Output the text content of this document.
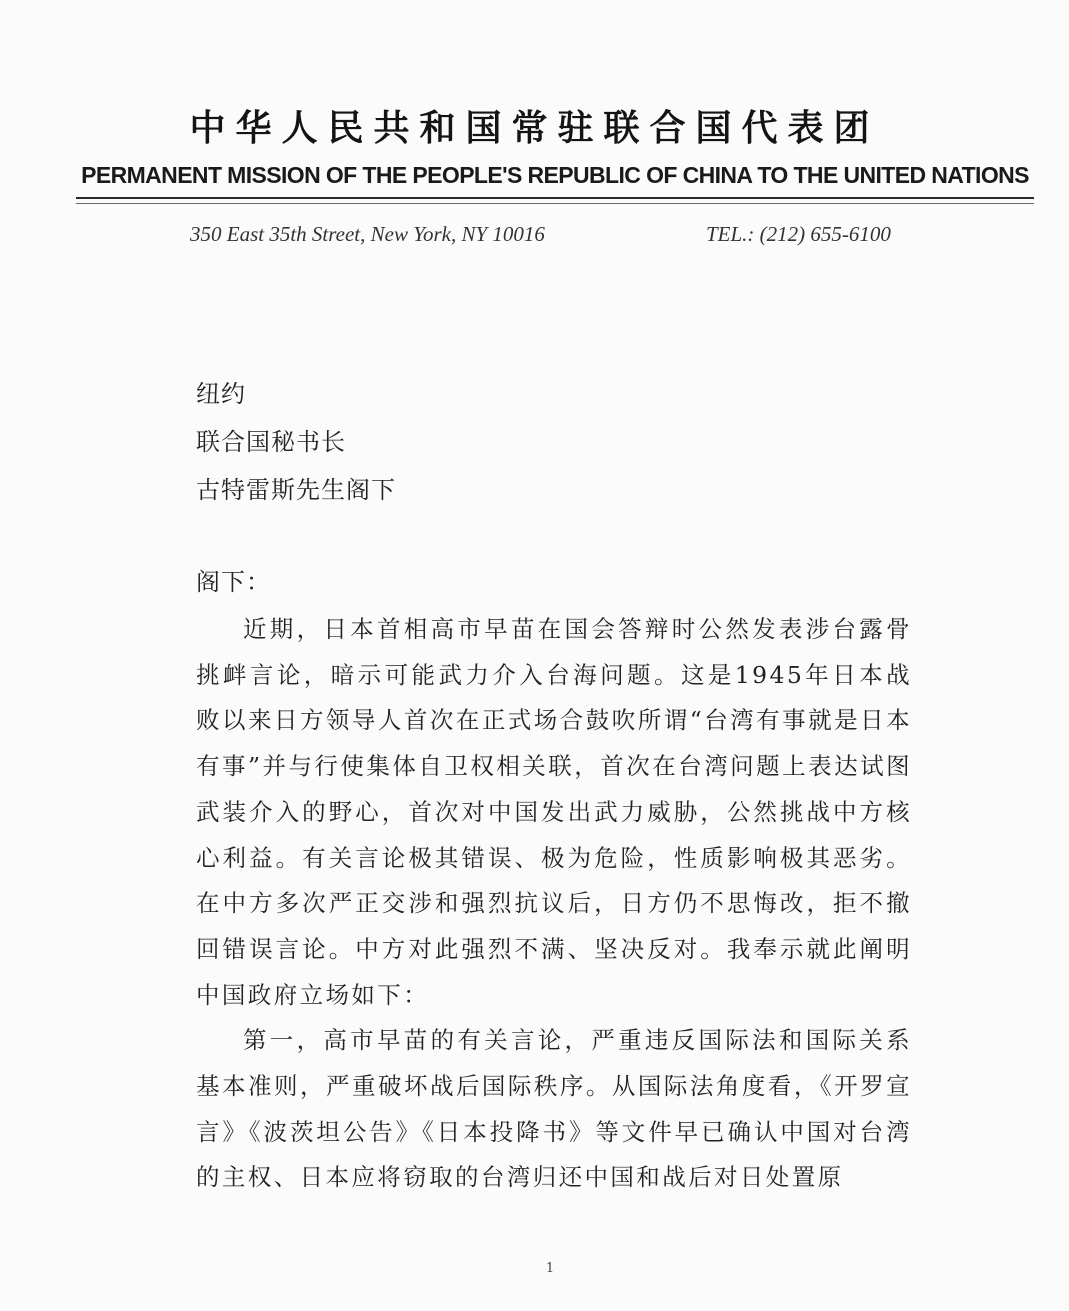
中华人民共和国常驻联合国代表团
PERMANENT MISSION OF THE PEOPLE'S REPUBLIC OF CHINA TO THE UNITED NATIONS
350 East 35th Street, New York, NY 10016	TEL.: (212) 655-6100
纽约
联合国秘书长
古特雷斯先生阁下
阁下：

近期，日本首相高市早苗在国会答辩时公然发表涉台露骨挑衅言论，暗示可能武力介入台海问题。这是1945年日本战败以来日方领导人首次在正式场合鼓吹所谓“台湾有事就是日本有事”并与行使集体自卫权相关联，首次在台湾问题上表达试图武装介入的野心，首次对中国发出武力威胁，公然挑战中方核心利益。有关言论极其错误、极为危险，性质影响极其恶劣。在中方多次严正交涉和强烈抗议后，日方仍不思悔改，拒不撤回错误言论。中方对此强烈不满、坚决反对。我奉示就此阐明中国政府立场如下：

第一，高市早苗的有关言论，严重违反国际法和国际关系基本准则，严重破坏战后国际秩序。从国际法角度看，《开罗宣言》《波茨坦公告》《日本投降书》等文件早已确认中国对台湾的主权、日本应将窃取的台湾归还中国和战后对日处置原

1
